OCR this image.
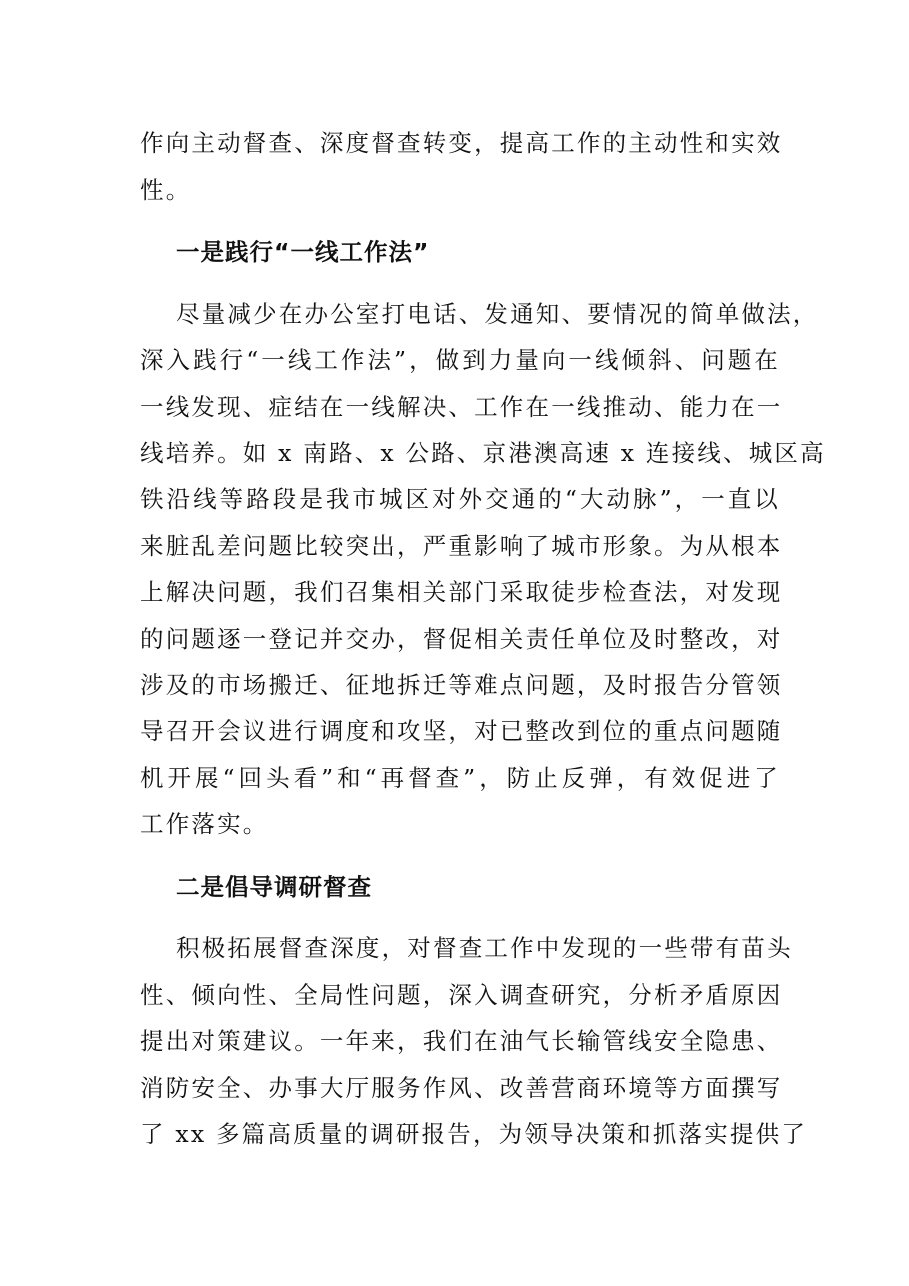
作向主动督查、深度督查转变，提高工作的主动性和实效
性。
一是践行“一线工作法”
尽量减少在办公室打电话、发通知、要情况的简单做法，
深入践行“一线工作法”，做到力量向一线倾斜、问题在
一线发现、症结在一线解决、工作在一线推动、能力在一
线培养。如 x 南路、x 公路、京港澳高速 x 连接线、城区高
铁沿线等路段是我市城区对外交通的“大动脉”，一直以
来脏乱差问题比较突出，严重影响了城市形象。为从根本
上解决问题，我们召集相关部门采取徒步检查法，对发现
的问题逐一登记并交办，督促相关责任单位及时整改，对
涉及的市场搬迁、征地拆迁等难点问题，及时报告分管领
导召开会议进行调度和攻坚，对已整改到位的重点问题随
机开展“回头看”和“再督查”，防止反弹，有效促进了
工作落实。
二是倡导调研督查
积极拓展督查深度，对督查工作中发现的一些带有苗头
性、倾向性、全局性问题，深入调查研究，分析矛盾原因
提出对策建议。一年来，我们在油气长输管线安全隐患、
消防安全、办事大厅服务作风、改善营商环境等方面撰写
了 xx 多篇高质量的调研报告，为领导决策和抓落实提供了
